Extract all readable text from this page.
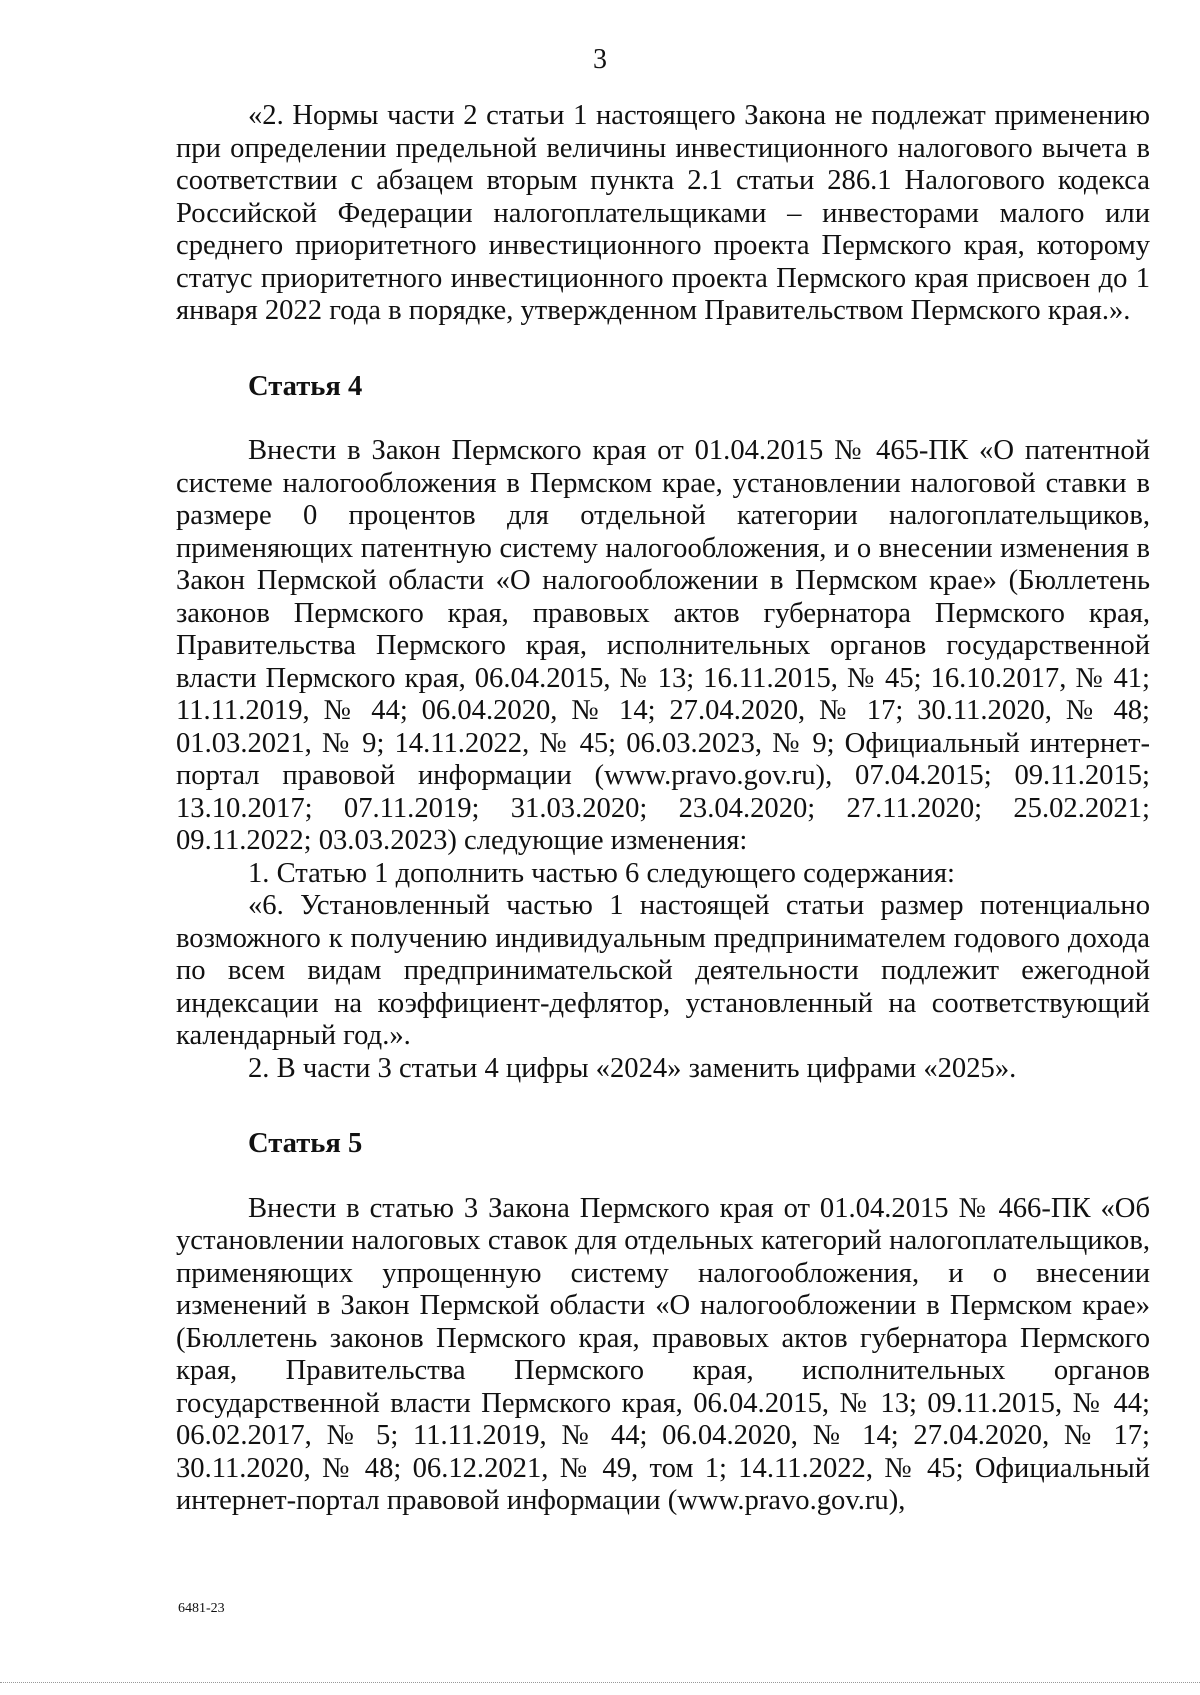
3

«2. Нормы части 2 статьи 1 настоящего Закона не подлежат применению при определении предельной величины инвестиционного налогового вычета в соответствии с абзацем вторым пункта 2.1 статьи 286.1 Налогового кодекса Российской Федерации налогоплательщиками – инвесторами малого или среднего приоритетного инвестиционного проекта Пермского края, которому статус приоритетного инвестиционного проекта Пермского края присвоен до 1 января 2022 года в порядке, утвержденном Правительством Пермского края.».

Статья 4

Внести в Закон Пермского края от 01.04.2015 № 465-ПК «О патентной системе налогообложения в Пермском крае, установлении налоговой ставки в размере 0 процентов для отдельной категории налогоплательщиков, применяющих патентную систему налогообложения, и о внесении изменения в Закон Пермской области «О налогообложении в Пермском крае» (Бюллетень законов Пермского края, правовых актов губернатора Пермского края, Правительства Пермского края, исполнительных органов государственной власти Пермского края, 06.04.2015, № 13; 16.11.2015, № 45; 16.10.2017, № 41; 11.11.2019, № 44; 06.04.2020, № 14; 27.04.2020, № 17; 30.11.2020, № 48; 01.03.2021, № 9; 14.11.2022, № 45; 06.03.2023, № 9; Официальный интернет-портал правовой информации (www.pravo.gov.ru), 07.04.2015; 09.11.2015; 13.10.2017; 07.11.2019; 31.03.2020; 23.04.2020; 27.11.2020; 25.02.2021; 09.11.2022; 03.03.2023) следующие изменения:

1. Статью 1 дополнить частью 6 следующего содержания:

«6. Установленный частью 1 настоящей статьи размер потенциально возможного к получению индивидуальным предпринимателем годового дохода по всем видам предпринимательской деятельности подлежит ежегодной индексации на коэффициент-дефлятор, установленный на соответствующий календарный год.».

2. В части 3 статьи 4 цифры «2024» заменить цифрами «2025».

Статья 5

Внести в статью 3 Закона Пермского края от 01.04.2015 № 466-ПК «Об установлении налоговых ставок для отдельных категорий налогоплательщиков, применяющих упрощенную систему налогообложения, и о внесении изменений в Закон Пермской области «О налогообложении в Пермском крае» (Бюллетень законов Пермского края, правовых актов губернатора Пермского края, Правительства Пермского края, исполнительных органов государственной власти Пермского края, 06.04.2015, № 13; 09.11.2015, № 44; 06.02.2017, № 5; 11.11.2019, № 44; 06.04.2020, № 14; 27.04.2020, № 17; 30.11.2020, № 48; 06.12.2021, № 49, том 1; 14.11.2022, № 45; Официальный интернет-портал правовой информации (www.pravo.gov.ru),

6481-23
